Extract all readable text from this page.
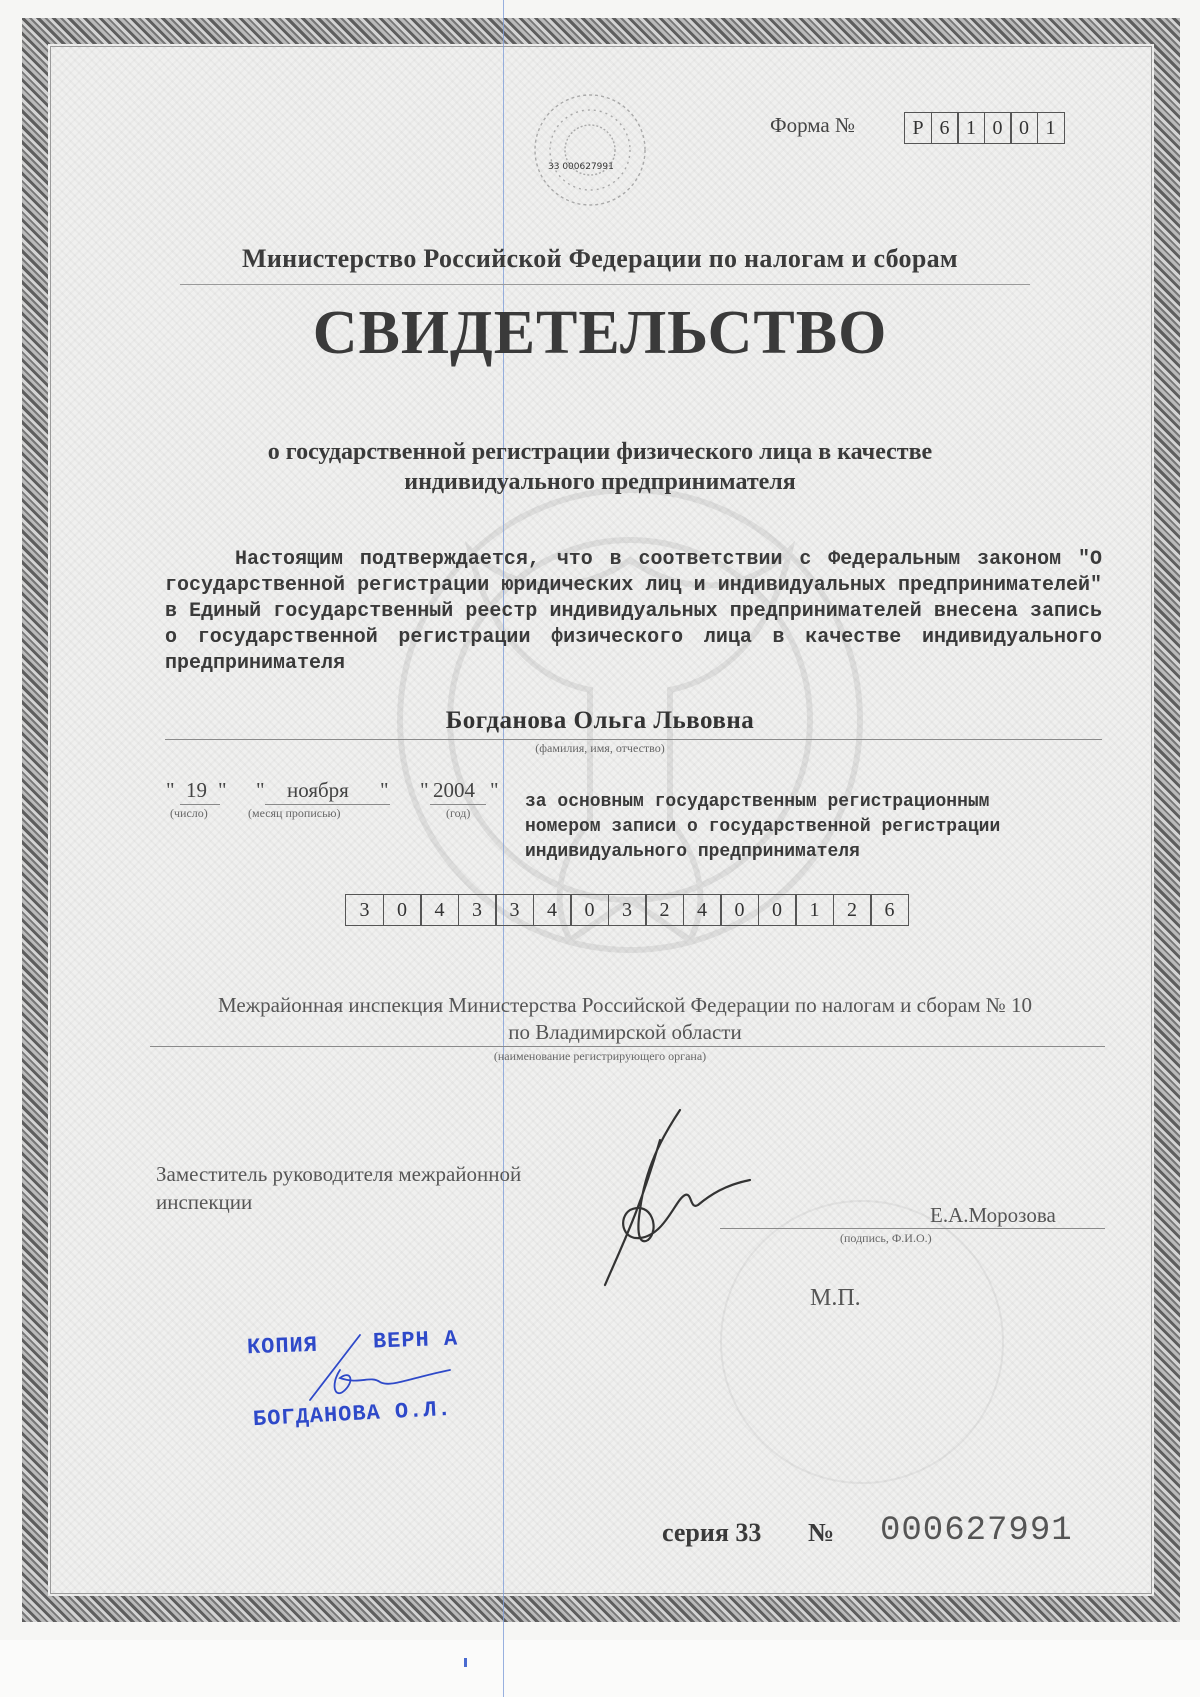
33 000627991
Форма №	Р 6 1 0 0 1
Министерство Российской Федерации по налогам и сборам
СВИДЕТЕЛЬСТВО
о государственной регистрации физического лица в качестве
индивидуального предпринимателя
Настоящим подтверждается, что в соответствии с Федеральным законом "О государственной регистрации юридических лиц и индивидуальных предпринимателей" в Единый государственный реестр индивидуальных предпринимателей внесена запись о государственной регистрации физического лица в качестве индивидуального предпринимателя
Богданова Ольга Львовна
(фамилия, имя, отчество)
" 19 "
(число)
" ноября "
(месяц прописью)
" 2004 "
(год)
за основным государственным регистрационным
номером записи о государственной регистрации
индивидуального предпринимателя
3	0	4	3	3	4	0	3	2	4	0	0	1	2	6
Межрайонная инспекция Министерства Российской Федерации по налогам и сборам № 10
по Владимирской области
(наименование регистрирующего органа)
Заместитель руководителя межрайонной
инспекции
Е.А.Морозова
(подпись, Ф.И.О.)
М.П.
КОПИЯ ВЕРН А
БОГДАНОВА О.Л.
серия 33 № 000627991
